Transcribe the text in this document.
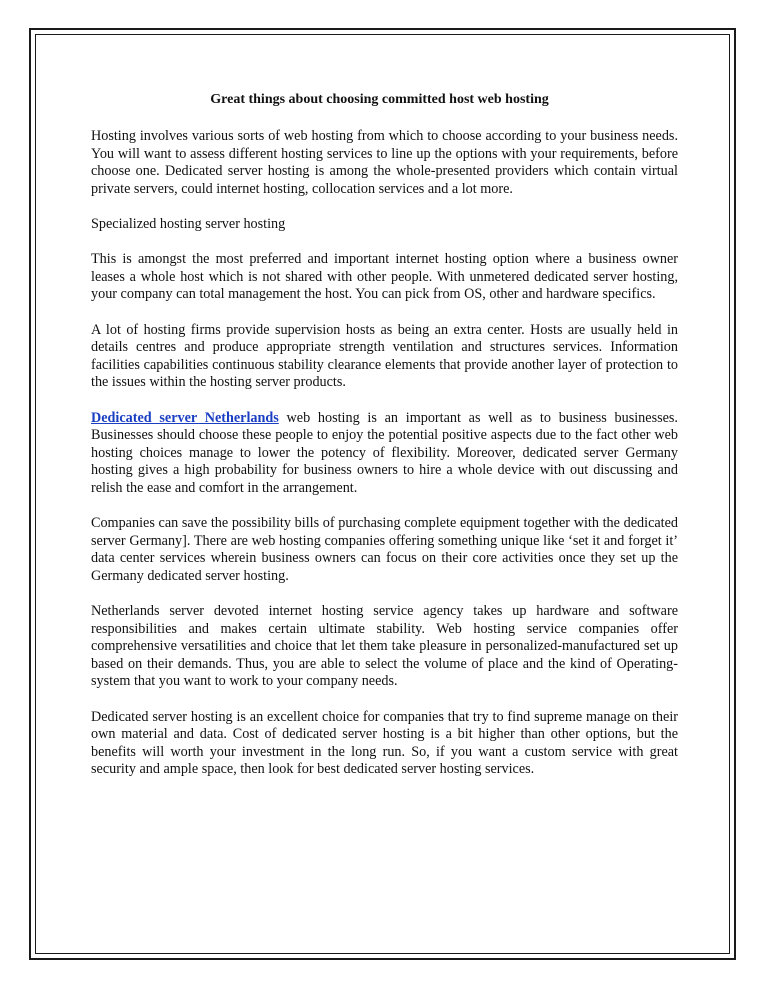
Great things about choosing committed host web hosting

Hosting involves various sorts of web hosting from which to choose according to your business needs. You will want to assess different hosting services to line up the options with your requirements, before choose one. Dedicated server hosting is among the whole-presented providers which contain virtual private servers, could internet hosting, collocation services and a lot more.

Specialized hosting server hosting

This is amongst the most preferred and important internet hosting option where a business owner leases a whole host which is not shared with other people. With unmetered dedicated server hosting, your company can total management the host. You can pick from OS, other and hardware specifics.

A lot of hosting firms provide supervision hosts as being an extra center. Hosts are usually held in details centres and produce appropriate strength ventilation and structures services. Information facilities capabilities continuous stability clearance elements that provide another layer of protection to the issues within the hosting server products.

Dedicated server Netherlands web hosting is an important as well as to business businesses. Businesses should choose these people to enjoy the potential positive aspects due to the fact other web hosting choices manage to lower the potency of flexibility. Moreover, dedicated server Germany hosting gives a high probability for business owners to hire a whole device with out discussing and relish the ease and comfort in the arrangement.

Companies can save the possibility bills of purchasing complete equipment together with the dedicated server Germany]. There are web hosting companies offering something unique like ‘set it and forget it’ data center services wherein business owners can focus on their core activities once they set up the Germany dedicated server hosting.

Netherlands server devoted internet hosting service agency takes up hardware and software responsibilities and makes certain ultimate stability. Web hosting service companies offer comprehensive versatilities and choice that let them take pleasure in personalized-manufactured set up based on their demands. Thus, you are able to select the volume of place and the kind of Operating-system that you want to work to your company needs.

Dedicated server hosting is an excellent choice for companies that try to find supreme manage on their own material and data. Cost of dedicated server hosting is a bit higher than other options, but the benefits will worth your investment in the long run. So, if you want a custom service with great security and ample space, then look for best dedicated server hosting services.
